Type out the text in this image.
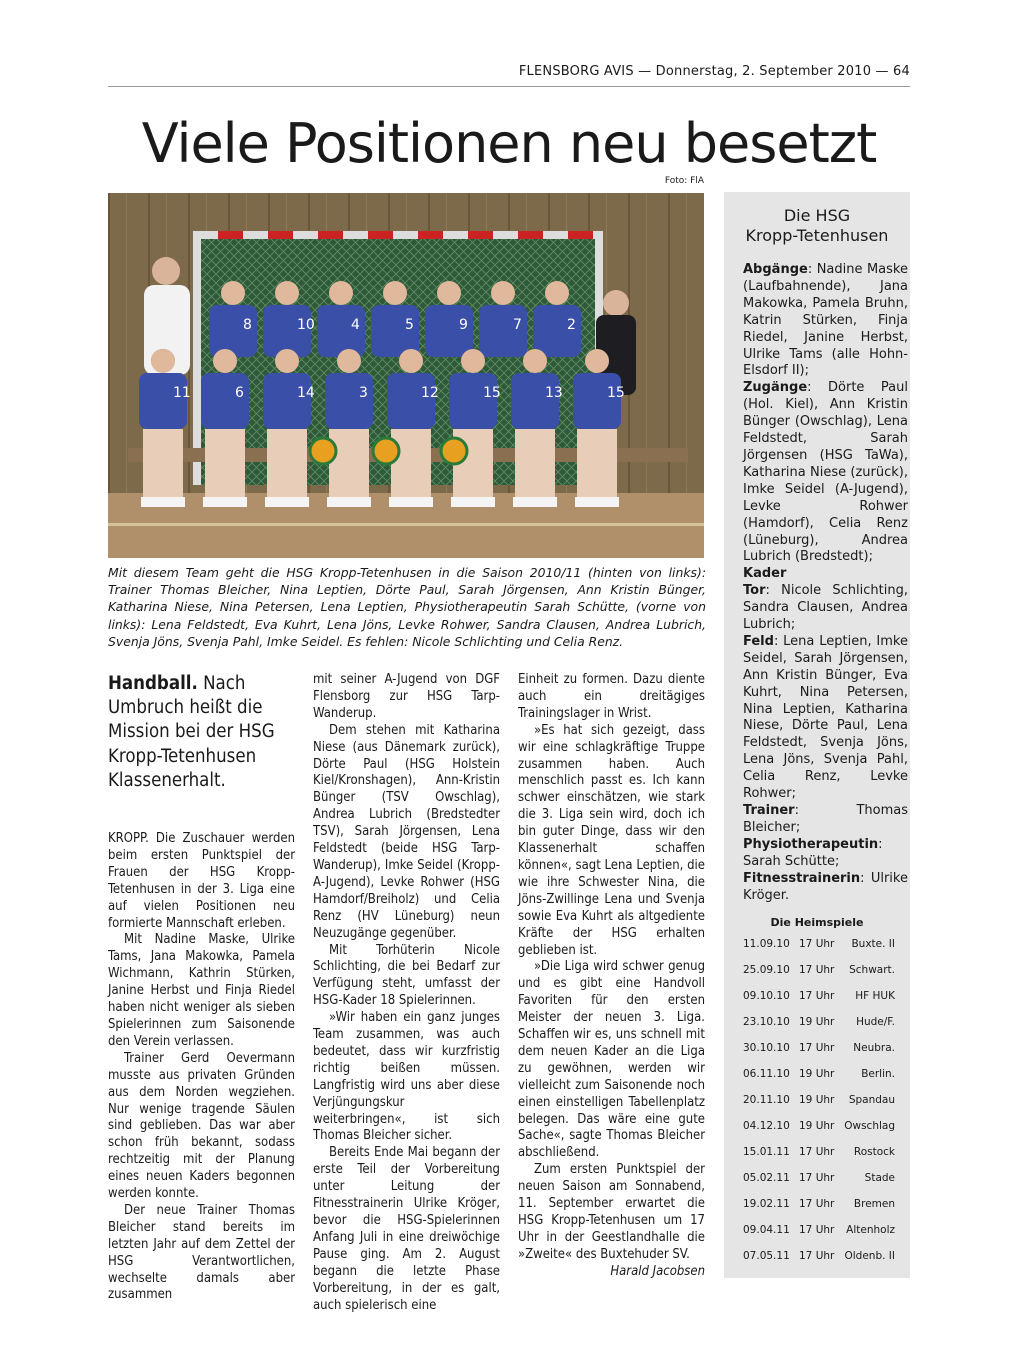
FLENSBORG AVIS — Donnerstag, 2. September 2010 — 64
Viele Positionen neu besetzt
Foto: FlA
8	10	4	5	9	7	2
11	6	14	3	12	15	13	15
Mit diesem Team geht die HSG Kropp-Tetenhusen in die Saison 2010/11 (hinten von links): Trainer Thomas Bleicher, Nina Leptien, Dörte Paul, Sarah Jörgensen, Ann Kristin Bünger, Katharina Niese, Nina Petersen, Lena Leptien, Physiotherapeutin Sarah Schütte, (vorne von links): Lena Feldstedt, Eva Kuhrt, Lena Jöns, Levke Rohwer, Sandra Clausen, Andrea Lubrich, Svenja Jöns, Svenja Pahl, Imke Seidel. Es fehlen: Nicole Schlichting und Celia Renz.
Handball. Nach Umbruch heißt die Mission bei der HSG Kropp-Tetenhusen Klassenerhalt.

KROPP. Die Zuschauer werden beim ersten Punktspiel der Frauen der HSG Kropp-Tetenhusen in der 3. Liga eine auf vielen Positionen neu formierte Mannschaft erleben.

Mit Nadine Maske, Ulrike Tams, Jana Makowka, Pamela Wichmann, Kathrin Stürken, Janine Herbst und Finja Riedel haben nicht weniger als sieben Spielerinnen zum Saisonende den Verein verlassen.

Trainer Gerd Oevermann musste aus privaten Gründen aus dem Norden wegziehen. Nur wenige tragende Säulen sind geblieben. Das war aber schon früh bekannt, sodass rechtzeitig mit der Planung eines neuen Kaders begonnen werden konnte.

Der neue Trainer Thomas Bleicher stand bereits im letzten Jahr auf dem Zettel der HSG Verantwortlichen, wechselte damals aber zusammen

mit seiner A-Jugend von DGF Flensborg zur HSG Tarp-Wanderup.

Dem stehen mit Katharina Niese (aus Dänemark zurück), Dörte Paul (HSG Holstein Kiel/Kronshagen), Ann-Kristin Bünger (TSV Owschlag), Andrea Lubrich (Bredstedter TSV), Sarah Jörgensen, Lena Feldstedt (beide HSG Tarp-Wanderup), Imke Seidel (Kropp-A-Jugend), Levke Rohwer (HSG Hamdorf/Breiholz) und Celia Renz (HV Lüneburg) neun Neuzugänge gegenüber.

Mit Torhüterin Nicole Schlichting, die bei Bedarf zur Verfügung steht, umfasst der HSG-Kader 18 Spielerinnen.

»Wir haben ein ganz junges Team zusammen, was auch bedeutet, dass wir kurzfristig richtig beißen müssen. Langfristig wird uns aber diese Verjüngungskur weiterbringen«, ist sich Thomas Bleicher sicher.

Bereits Ende Mai begann der erste Teil der Vorbereitung unter Leitung der Fitnesstrainerin Ulrike Kröger, bevor die HSG-Spielerinnen Anfang Juli in eine dreiwöchige Pause ging. Am 2. August begann die letzte Phase Vorbereitung, in der es galt, auch spielerisch eine

Einheit zu formen. Dazu diente auch ein dreitägiges Trainingslager in Wrist.

»Es hat sich gezeigt, dass wir eine schlagkräftige Truppe zusammen haben. Auch menschlich passt es. Ich kann schwer einschätzen, wie stark die 3. Liga sein wird, doch ich bin guter Dinge, dass wir den Klassenerhalt schaffen können«, sagt Lena Leptien, die wie ihre Schwester Nina, die Jöns-Zwillinge Lena und Svenja sowie Eva Kuhrt als altgediente Kräfte der HSG erhalten geblieben ist.

»Die Liga wird schwer genug und es gibt eine Handvoll Favoriten für den ersten Meister der neuen 3. Liga. Schaffen wir es, uns schnell mit dem neuen Kader an die Liga zu gewöhnen, werden wir vielleicht zum Saisonende noch einen einstelligen Tabellenplatz belegen. Das wäre eine gute Sache«, sagte Thomas Bleicher abschließend.

Zum ersten Punktspiel der neuen Saison am Sonnabend, 11. September erwartet die HSG Kropp-Tetenhusen um 17 Uhr in der Geestlandhalle die »Zweite« des Buxtehuder SV.

Harald Jacobsen
Die HSG
Kropp-Tetenhusen
Abgänge: Nadine Maske (Laufbahnende), Jana Makowka, Pamela Bruhn, Katrin Stürken, Finja Riedel, Janine Herbst, Ulrike Tams (alle Hohn-Elsdorf II);
Zugänge: Dörte Paul (Hol. Kiel), Ann Kristin Bünger (Owschlag), Lena Feldstedt, Sarah Jörgensen (HSG TaWa), Katharina Niese (zurück), Imke Seidel (A-Jugend), Levke Rohwer (Hamdorf), Celia Renz (Lüneburg), Andrea Lubrich (Bredstedt);
Kader
Tor: Nicole Schlichting, Sandra Clausen, Andrea Lubrich;
Feld: Lena Leptien, Imke Seidel, Sarah Jörgensen, Ann Kristin Bünger, Eva Kuhrt, Nina Petersen, Nina Leptien, Katharina Niese, Dörte Paul, Lena Feldstedt, Svenja Jöns, Lena Jöns, Svenja Pahl, Celia Renz, Levke Rohwer;
Trainer: Thomas Bleicher;
Physiotherapeutin: Sarah Schütte;
Fitnesstrainerin: Ulrike Kröger.
Die Heimspiele
11.09.10 17 Uhr	Buxte. II
25.09.10 17 Uhr	Schwart.
09.10.10 17 Uhr	HF HUK
23.10.10 19 Uhr	Hude/F.
30.10.10 17 Uhr	Neubra.
06.11.10 19 Uhr	Berlin.
20.11.10 19 Uhr	Spandau
04.12.10 19 Uhr Owschlag
15.01.11 17 Uhr	Rostock
05.02.11 17 Uhr	Stade
19.02.11 17 Uhr	Bremen
09.04.11 17 Uhr	Altenholz
07.05.11 17 Uhr Oldenb. II
